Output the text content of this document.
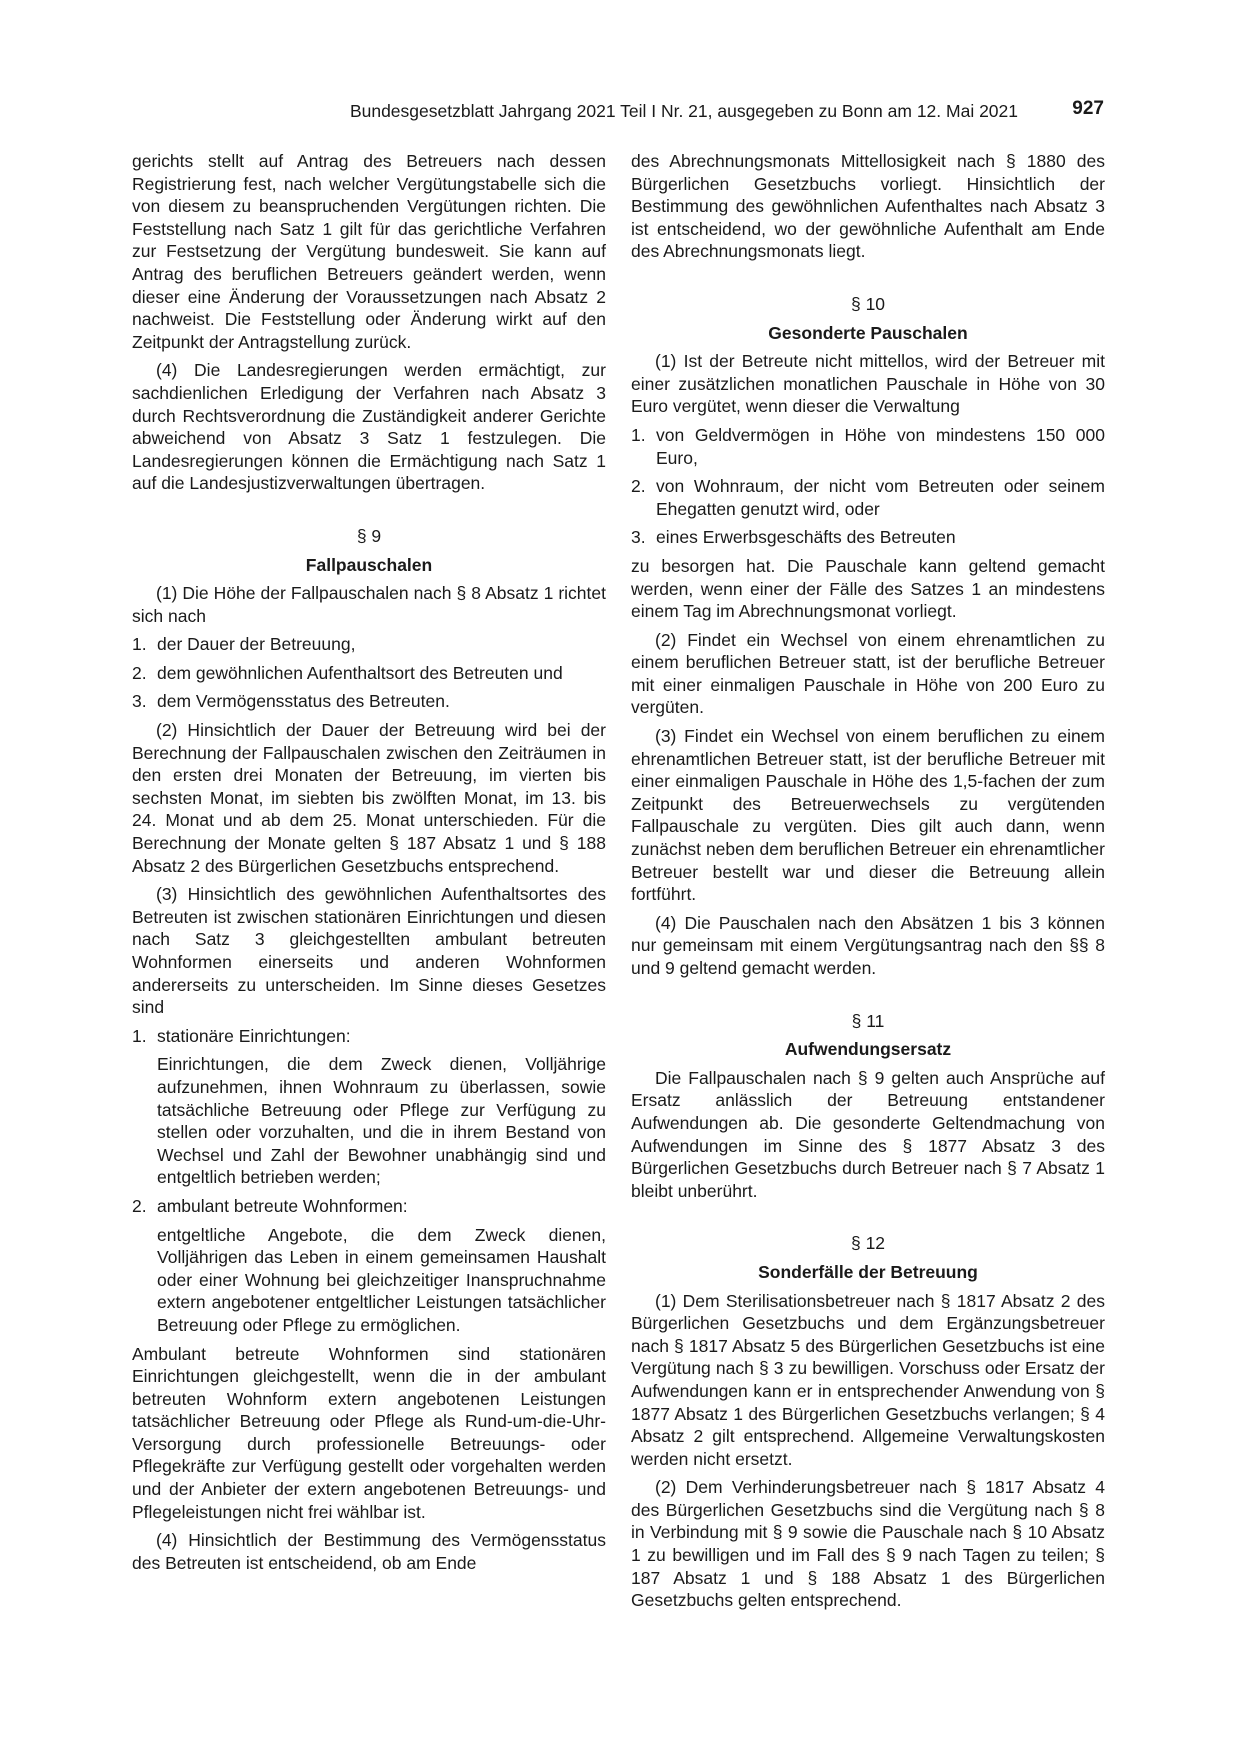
Bundesgesetzblatt Jahrgang 2021 Teil I Nr. 21, ausgegeben zu Bonn am 12. Mai 2021	927

gerichts stellt auf Antrag des Betreuers nach dessen Registrierung fest, nach welcher Vergütungstabelle sich die von diesem zu beanspruchenden Vergütungen richten. Die Feststellung nach Satz 1 gilt für das gerichtliche Verfahren zur Festsetzung der Vergütung bundesweit. Sie kann auf Antrag des beruflichen Betreuers geändert werden, wenn dieser eine Änderung der Voraussetzungen nach Absatz 2 nachweist. Die Feststellung oder Änderung wirkt auf den Zeitpunkt der Antragstellung zurück.

(4) Die Landesregierungen werden ermächtigt, zur sachdienlichen Erledigung der Verfahren nach Absatz 3 durch Rechtsverordnung die Zuständigkeit anderer Gerichte abweichend von Absatz 3 Satz 1 festzulegen. Die Landesregierungen können die Ermächtigung nach Satz 1 auf die Landesjustizverwaltungen übertragen.

§ 9

Fallpauschalen

(1) Die Höhe der Fallpauschalen nach § 8 Absatz 1 richtet sich nach

1. der Dauer der Betreuung,
2. dem gewöhnlichen Aufenthaltsort des Betreuten und
3. dem Vermögensstatus des Betreuten.

(2) Hinsichtlich der Dauer der Betreuung wird bei der Berechnung der Fallpauschalen zwischen den Zeiträumen in den ersten drei Monaten der Betreuung, im vierten bis sechsten Monat, im siebten bis zwölften Monat, im 13. bis 24. Monat und ab dem 25. Monat unterschieden. Für die Berechnung der Monate gelten § 187 Absatz 1 und § 188 Absatz 2 des Bürgerlichen Gesetzbuchs entsprechend.

(3) Hinsichtlich des gewöhnlichen Aufenthaltsortes des Betreuten ist zwischen stationären Einrichtungen und diesen nach Satz 3 gleichgestellten ambulant betreuten Wohnformen einerseits und anderen Wohnformen andererseits zu unterscheiden. Im Sinne dieses Gesetzes sind

1. stationäre Einrichtungen:

Einrichtungen, die dem Zweck dienen, Volljährige aufzunehmen, ihnen Wohnraum zu überlassen, sowie tatsächliche Betreuung oder Pflege zur Verfügung zu stellen oder vorzuhalten, und die in ihrem Bestand von Wechsel und Zahl der Bewohner unabhängig sind und entgeltlich betrieben werden;

2. ambulant betreute Wohnformen:

entgeltliche Angebote, die dem Zweck dienen, Volljährigen das Leben in einem gemeinsamen Haushalt oder einer Wohnung bei gleichzeitiger Inanspruchnahme extern angebotener entgeltlicher Leistungen tatsächlicher Betreuung oder Pflege zu ermöglichen.

Ambulant betreute Wohnformen sind stationären Einrichtungen gleichgestellt, wenn die in der ambulant betreuten Wohnform extern angebotenen Leistungen tatsächlicher Betreuung oder Pflege als Rund-um-die-Uhr-Versorgung durch professionelle Betreuungs- oder Pflegekräfte zur Verfügung gestellt oder vorgehalten werden und der Anbieter der extern angebotenen Betreuungs- und Pflegeleistungen nicht frei wählbar ist.

(4) Hinsichtlich der Bestimmung des Vermögensstatus des Betreuten ist entscheidend, ob am Ende

des Abrechnungsmonats Mittellosigkeit nach § 1880 des Bürgerlichen Gesetzbuchs vorliegt. Hinsichtlich der Bestimmung des gewöhnlichen Aufenthaltes nach Absatz 3 ist entscheidend, wo der gewöhnliche Aufenthalt am Ende des Abrechnungsmonats liegt.

§ 10

Gesonderte Pauschalen

(1) Ist der Betreute nicht mittellos, wird der Betreuer mit einer zusätzlichen monatlichen Pauschale in Höhe von 30 Euro vergütet, wenn dieser die Verwaltung

1. von Geldvermögen in Höhe von mindestens 150 000 Euro,
2. von Wohnraum, der nicht vom Betreuten oder seinem Ehegatten genutzt wird, oder
3. eines Erwerbsgeschäfts des Betreuten

zu besorgen hat. Die Pauschale kann geltend gemacht werden, wenn einer der Fälle des Satzes 1 an mindestens einem Tag im Abrechnungsmonat vorliegt.

(2) Findet ein Wechsel von einem ehrenamtlichen zu einem beruflichen Betreuer statt, ist der berufliche Betreuer mit einer einmaligen Pauschale in Höhe von 200 Euro zu vergüten.

(3) Findet ein Wechsel von einem beruflichen zu einem ehrenamtlichen Betreuer statt, ist der berufliche Betreuer mit einer einmaligen Pauschale in Höhe des 1,5-fachen der zum Zeitpunkt des Betreuerwechsels zu vergütenden Fallpauschale zu vergüten. Dies gilt auch dann, wenn zunächst neben dem beruflichen Betreuer ein ehrenamtlicher Betreuer bestellt war und dieser die Betreuung allein fortführt.

(4) Die Pauschalen nach den Absätzen 1 bis 3 können nur gemeinsam mit einem Vergütungsantrag nach den §§ 8 und 9 geltend gemacht werden.

§ 11

Aufwendungsersatz

Die Fallpauschalen nach § 9 gelten auch Ansprüche auf Ersatz anlässlich der Betreuung entstandener Aufwendungen ab. Die gesonderte Geltendmachung von Aufwendungen im Sinne des § 1877 Absatz 3 des Bürgerlichen Gesetzbuchs durch Betreuer nach § 7 Absatz 1 bleibt unberührt.

§ 12

Sonderfälle der Betreuung

(1) Dem Sterilisationsbetreuer nach § 1817 Absatz 2 des Bürgerlichen Gesetzbuchs und dem Ergänzungsbetreuer nach § 1817 Absatz 5 des Bürgerlichen Gesetzbuchs ist eine Vergütung nach § 3 zu bewilligen. Vorschuss oder Ersatz der Aufwendungen kann er in entsprechender Anwendung von § 1877 Absatz 1 des Bürgerlichen Gesetzbuchs verlangen; § 4 Absatz 2 gilt entsprechend. Allgemeine Verwaltungskosten werden nicht ersetzt.

(2) Dem Verhinderungsbetreuer nach § 1817 Absatz 4 des Bürgerlichen Gesetzbuchs sind die Vergütung nach § 8 in Verbindung mit § 9 sowie die Pauschale nach § 10 Absatz 1 zu bewilligen und im Fall des § 9 nach Tagen zu teilen; § 187 Absatz 1 und § 188 Absatz 1 des Bürgerlichen Gesetzbuchs gelten entsprechend.
